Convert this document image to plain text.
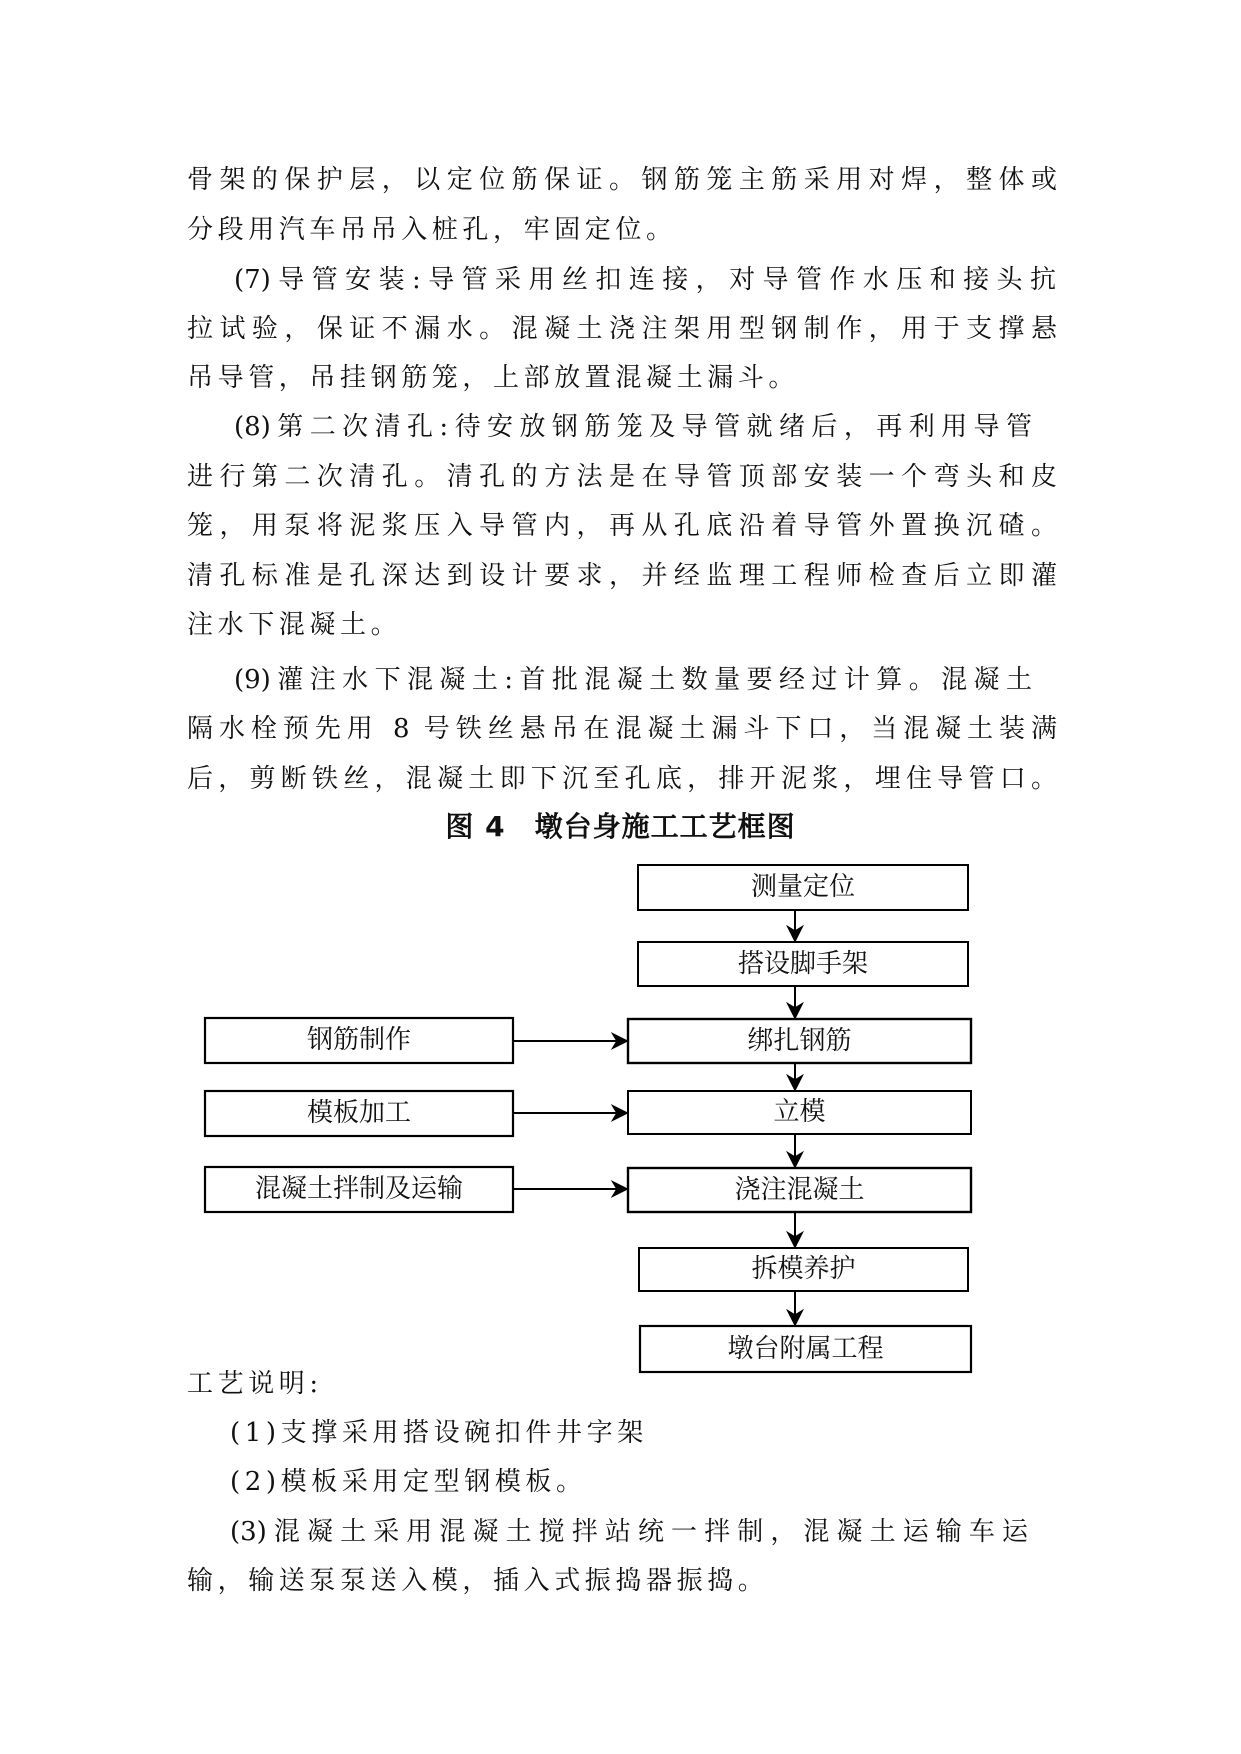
骨架的保护层，以定位筋保证。钢筋笼主筋采用对焊，整体或
分段用汽车吊吊入桩孔，牢固定位。
(7)导管安装:导管采用丝扣连接，对导管作水压和接头抗
拉试验，保证不漏水。混凝土浇注架用型钢制作，用于支撑悬
吊导管，吊挂钢筋笼，上部放置混凝土漏斗。
(8)第二次清孔:待安放钢筋笼及导管就绪后，再利用导管
进行第二次清孔。清孔的方法是在导管顶部安装一个弯头和皮
笼，用泵将泥浆压入导管内，再从孔底沿着导管外置换沉碴。
清孔标准是孔深达到设计要求，并经监理工程师检查后立即灌
注水下混凝土。
(9)灌注水下混凝土:首批混凝土数量要经过计算。混凝土
隔水栓预先用 8 号铁丝悬吊在混凝土漏斗下口，当混凝土装满
后，剪断铁丝，混凝土即下沉至孔底，排开泥浆，埋住导管口。
图 4　墩台身施工工艺框图
测量定位
搭设脚手架
绑扎钢筋
立模
浇注混凝土
拆模养护
墩台附属工程
钢筋制作
模板加工
混凝土拌制及运输
工艺说明:
(1)支撑采用搭设碗扣件井字架
(2)模板采用定型钢模板。
(3)混凝土采用混凝土搅拌站统一拌制，混凝土运输车运
输，输送泵泵送入模，插入式振捣器振捣。
